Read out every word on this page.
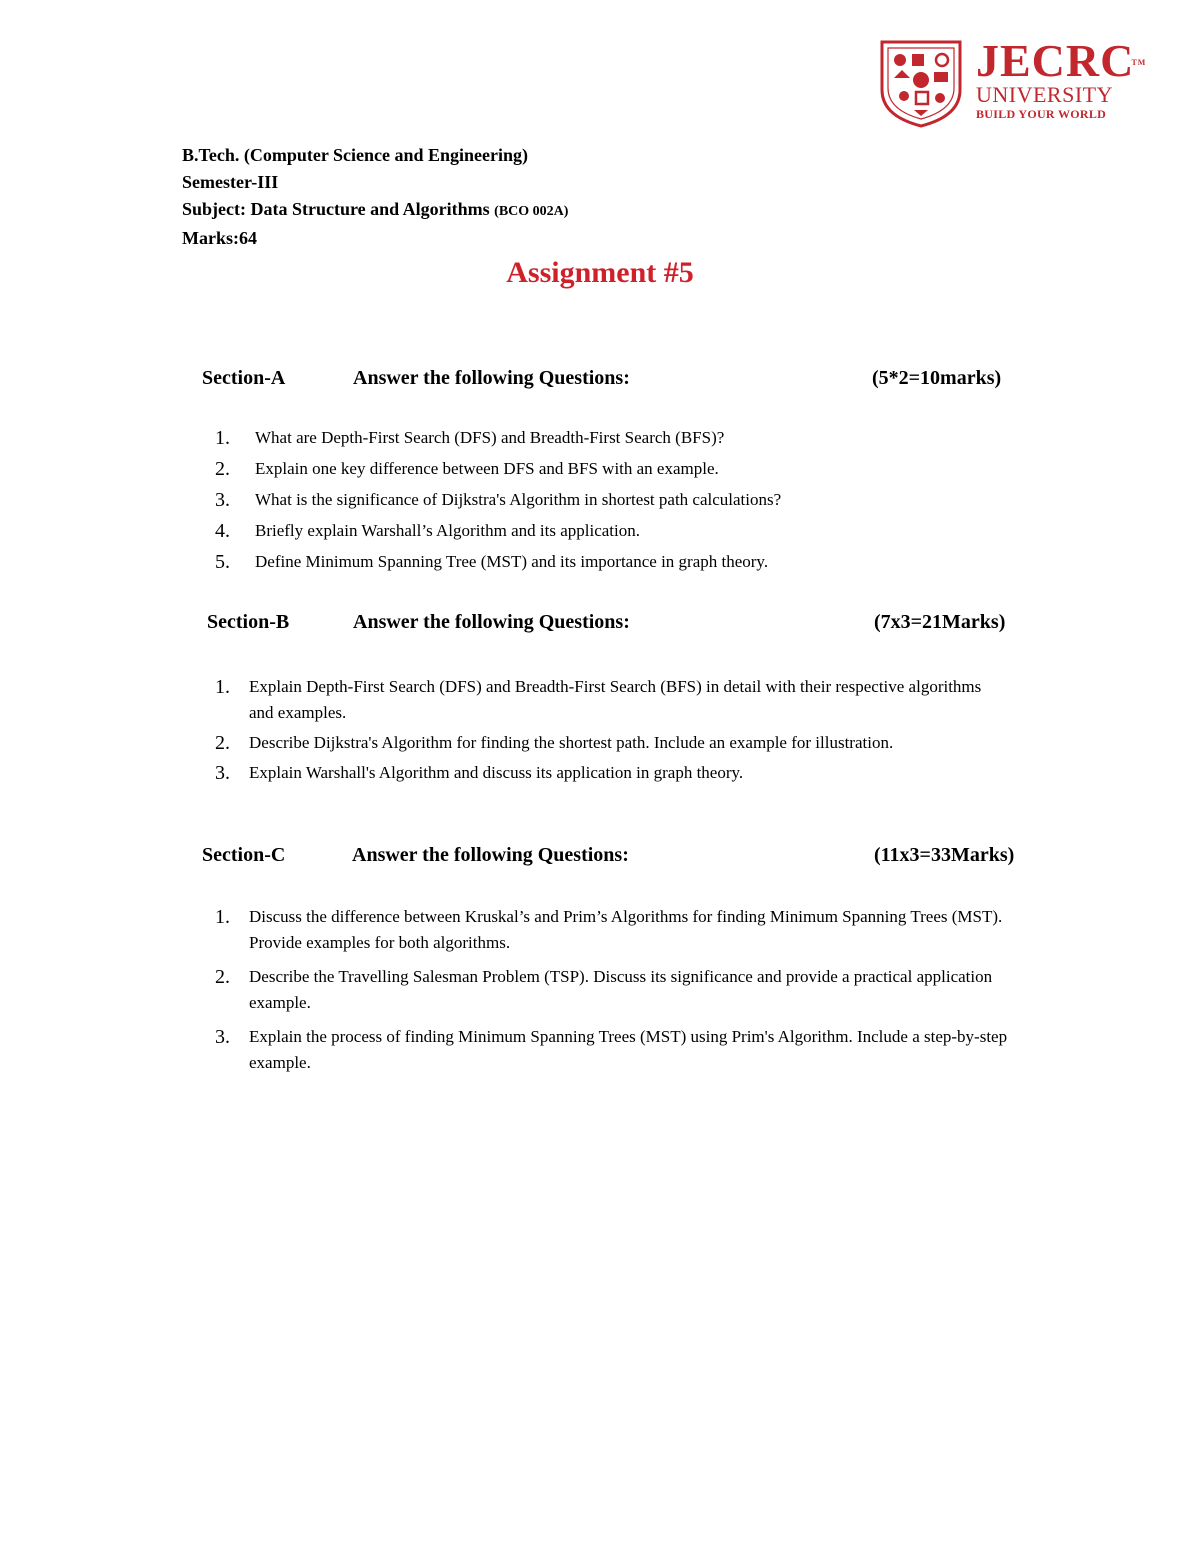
JECRC
TM
UNIVERSITY
BUILD YOUR WORLD
B.Tech. (Computer Science and Engineering)
Semester-III
Subject: Data Structure and Algorithms (BCO 002A)
Marks:64
Assignment #5
Section-A	Answer the following Questions:	(5*2=10marks)
1. What are Depth-First Search (DFS) and Breadth-First Search (BFS)?
2. Explain one key difference between DFS and BFS with an example.
3. What is the significance of Dijkstra's Algorithm in shortest path calculations?
4. Briefly explain Warshall’s Algorithm and its application.
5. Define Minimum Spanning Tree (MST) and its importance in graph theory.
Section-B	Answer the following Questions:	(7x3=21Marks)
1. Explain Depth-First Search (DFS) and Breadth-First Search (BFS) in detail with their respective algorithms and examples.
2. Describe Dijkstra's Algorithm for finding the shortest path. Include an example for illustration.
3. Explain Warshall's Algorithm and discuss its application in graph theory.
Section-C	Answer the following Questions:	(11x3=33Marks)
1. Discuss the difference between Kruskal’s and Prim’s Algorithms for finding Minimum Spanning Trees (MST). Provide examples for both algorithms.
2. Describe the Travelling Salesman Problem (TSP). Discuss its significance and provide a practical application example.
3. Explain the process of finding Minimum Spanning Trees (MST) using Prim's Algorithm. Include a step-by-step example.
